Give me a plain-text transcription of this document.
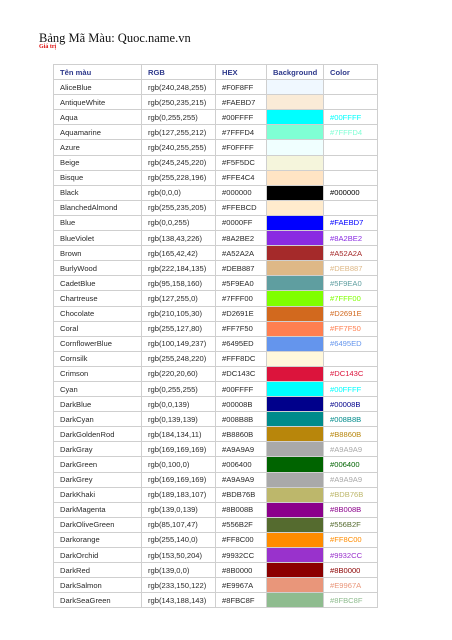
Bảng Mã Màu: Quoc.name.vn
Giá trị
Tên màu	RGB	HEX	Background	Color
AliceBlue	rgb(240,248,255)	#F0F8FF		
AntiqueWhite	rgb(250,235,215)	#FAEBD7		
Aqua	rgb(0,255,255)	#00FFFF		#00FFFF
Aquamarine	rgb(127,255,212)	#7FFFD4		#7FFFD4
Azure	rgb(240,255,255)	#F0FFFF		
Beige	rgb(245,245,220)	#F5F5DC		
Bisque	rgb(255,228,196)	#FFE4C4		
Black	rgb(0,0,0)	#000000		#000000
BlanchedAlmond	rgb(255,235,205)	#FFEBCD		
Blue	rgb(0,0,255)	#0000FF		#FAEBD7
BlueViolet	rgb(138,43,226)	#8A2BE2		#8A2BE2
Brown	rgb(165,42,42)	#A52A2A		#A52A2A
BurlyWood	rgb(222,184,135)	#DEB887		#DEB887
CadetBlue	rgb(95,158,160)	#5F9EA0		#5F9EA0
Chartreuse	rgb(127,255,0)	#7FFF00		#7FFF00
Chocolate	rgb(210,105,30)	#D2691E		#D2691E
Coral	rgb(255,127,80)	#FF7F50		#FF7F50
CornflowerBlue	rgb(100,149,237)	#6495ED		#6495ED
Cornsilk	rgb(255,248,220)	#FFF8DC		
Crimson	rgb(220,20,60)	#DC143C		#DC143C
Cyan	rgb(0,255,255)	#00FFFF		#00FFFF
DarkBlue	rgb(0,0,139)	#00008B		#00008B
DarkCyan	rgb(0,139,139)	#008B8B		#008B8B
DarkGoldenRod	rgb(184,134,11)	#B8860B		#B8860B
DarkGray	rgb(169,169,169)	#A9A9A9		#A9A9A9
DarkGreen	rgb(0,100,0)	#006400		#006400
DarkGrey	rgb(169,169,169)	#A9A9A9		#A9A9A9
DarkKhaki	rgb(189,183,107)	#BDB76B		#BDB76B
DarkMagenta	rgb(139,0,139)	#8B008B		#8B008B
DarkOliveGreen	rgb(85,107,47)	#556B2F		#556B2F
Darkorange	rgb(255,140,0)	#FF8C00		#FF8C00
DarkOrchid	rgb(153,50,204)	#9932CC		#9932CC
DarkRed	rgb(139,0,0)	#8B0000		#8B0000
DarkSalmon	rgb(233,150,122)	#E9967A		#E9967A
DarkSeaGreen	rgb(143,188,143)	#8FBC8F		#8FBC8F
